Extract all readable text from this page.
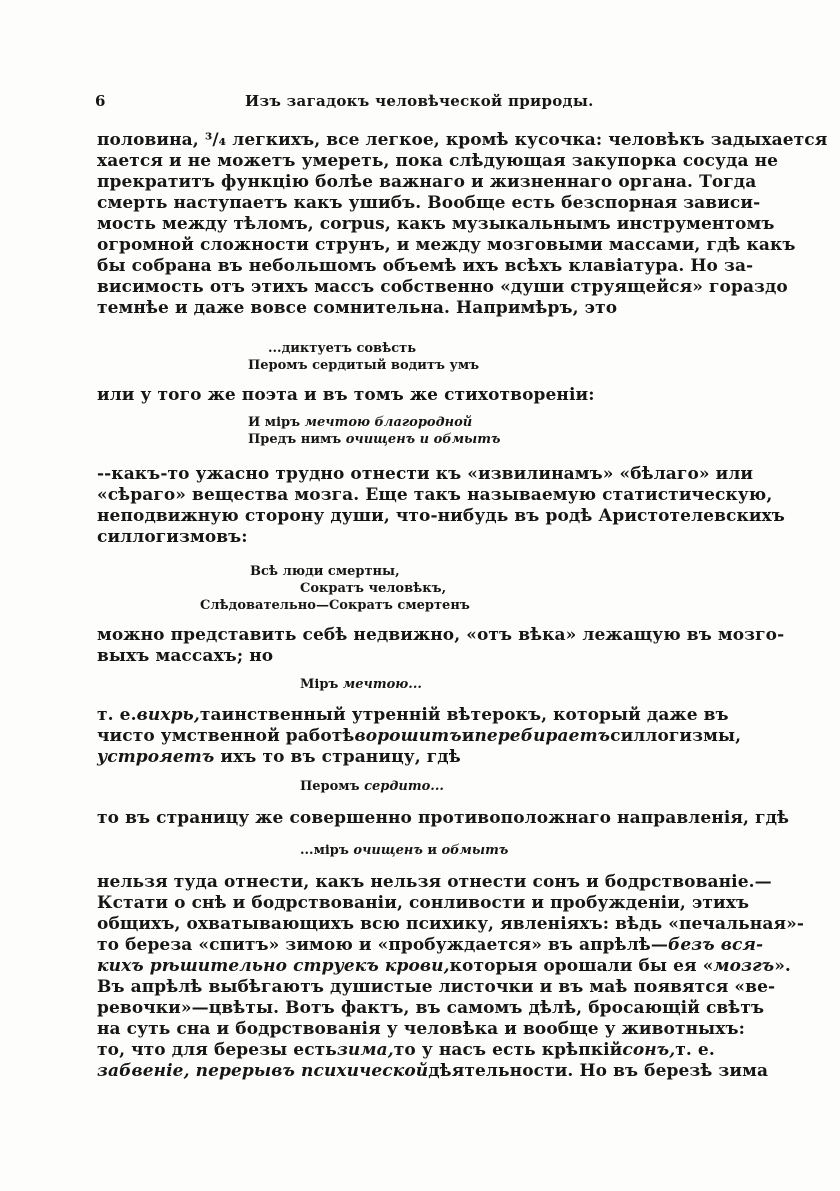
6	Изъ загадокъ человѣческой природы.
половина, ³/₄ легкихъ, все легкое, кромѣ кусочка: человѣкъ задыхается
хается и не можетъ умереть, пока слѣдующая закупорка сосуда не
прекратитъ функцію болѣе важнаго и жизненнаго органа. Тогда
смерть наступаетъ какъ ушибъ. Вообще есть безспорная зависи-
мость между тѣломъ, corpus, какъ музыкальнымъ инструментомъ
огромной сложности струнъ, и между мозговыми массами, гдѣ какъ
бы собрана въ небольшомъ объемѣ ихъ всѣхъ клавіатура. Но за-
висимость отъ этихъ массъ собственно «души струящейся» гораздо
темнѣе и даже вовсе сомнительна. Напримѣръ, это
...диктуетъ совѣсть
Перомъ сердитый водитъ умъ
или у того же поэта и въ томъ же стихотвореніи:
И міръ мечтою благородной
Предъ нимъ очищенъ и обмытъ
--какъ-то ужасно трудно отнести къ «извилинамъ» «бѣлаго» или
«сѣраго» вещества мозга. Еще такъ называемую статистическую,
неподвижную сторону души, что-нибудь въ родѣ Аристотелевскихъ
силлогизмовъ:
Всѣ люди смертны,
Сократъ человѣкъ,
Слѣдовательно—Сократъ смертенъ
можно представить себѣ недвижно, «отъ вѣка» лежащую въ мозго-
выхъ массахъ; но
Міръ мечтою...
т. е. вихрь, таинственный утренній вѣтерокъ, который даже въ
чисто умственной работѣ ворошитъ и перебираетъ силлогизмы,
устрояетъ ихъ то въ страницу, гдѣ
Перомъ сердито...
то въ страницу же совершенно противоположнаго направленія, гдѣ
...міръ очищенъ и обмытъ
нельзя туда отнести, какъ нельзя отнести сонъ и бодрствованіе.—
Кстати о снѣ и бодрствованіи, сонливости и пробужденіи, этихъ
общихъ, охватывающихъ всю психику, явленіяхъ: вѣдь «печальная»-
то береза «спитъ» зимою и «пробуждается» въ апрѣлѣ— безъ вся-
кихъ рѣшительно струекъ крови, которыя орошали бы ея «мозгъ».
Въ апрѣлѣ выбѣгаютъ душистые листочки и въ маѣ появятся «ве-
ревочки»—цвѣты. Вотъ фактъ, въ самомъ дѣлѣ, бросающій свѣтъ
на суть сна и бодрствованія у человѣка и вообще у животныхъ:
то, что для березы есть зима, то у насъ есть крѣпкій сонъ, т. е.
забвеніе, перерывъ психической дѣятельности. Но въ березѣ зима
